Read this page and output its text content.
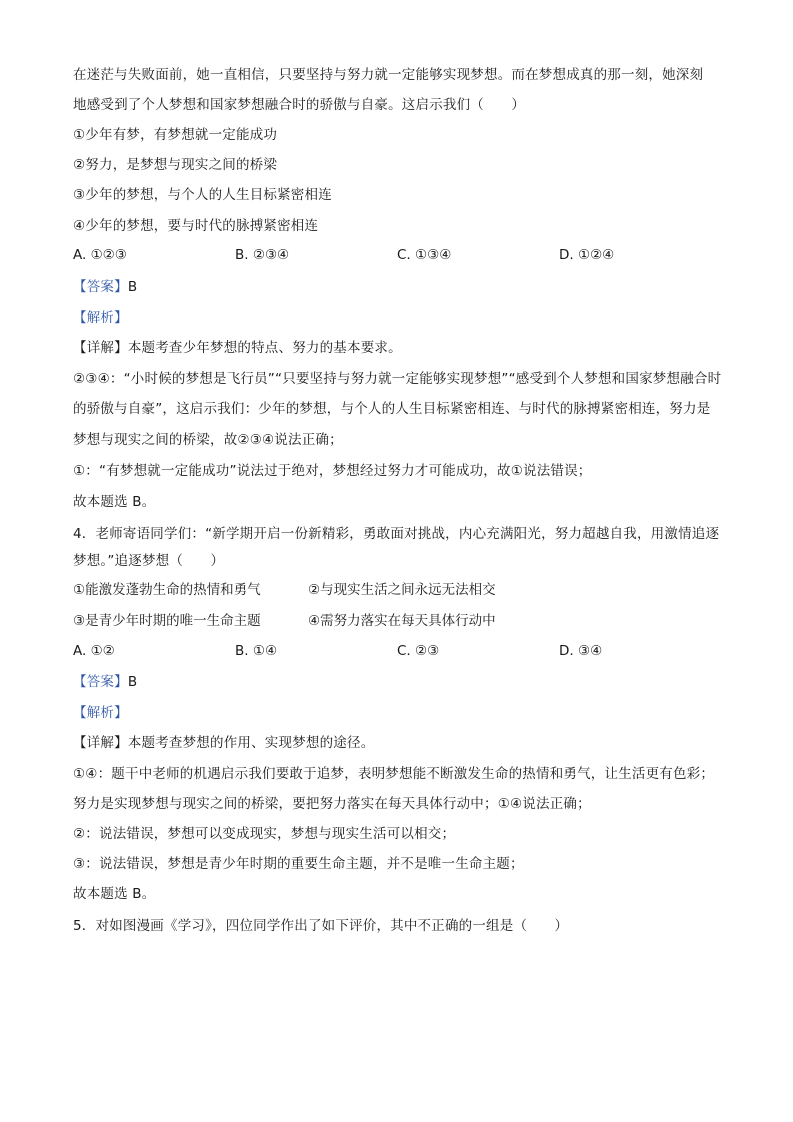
在迷茫与失败面前，她一直相信，只要坚持与努力就一定能够实现梦想。而在梦想成真的那一刻，她深刻
地感受到了个人梦想和国家梦想融合时的骄傲与自豪。这启示我们（　　）
①少年有梦，有梦想就一定能成功
②努力，是梦想与现实之间的桥梁
③少年的梦想，与个人的人生目标紧密相连
④少年的梦想，要与时代的脉搏紧密相连
A. ①②③	B. ②③④	C. ①③④	D. ①②④
【答案】B
【解析】
【详解】本题考查少年梦想的特点、努力的基本要求。
②③④：“小时候的梦想是飞行员”“只要坚持与努力就一定能够实现梦想”“感受到个人梦想和国家梦想融合时
的骄傲与自豪”，这启示我们：少年的梦想，与个人的人生目标紧密相连、与时代的脉搏紧密相连，努力是
梦想与现实之间的桥梁，故②③④说法正确；
①：“有梦想就一定能成功”说法过于绝对，梦想经过努力才可能成功，故①说法错误；
故本题选 B。
4．老师寄语同学们：“新学期开启一份新精彩，勇敢面对挑战，内心充满阳光，努力超越自我，用激情追逐
梦想。”追逐梦想（　　）
①能激发蓬勃生命的热情和勇气	②与现实生活之间永远无法相交
③是青少年时期的唯一生命主题	④需努力落实在每天具体行动中
A. ①②	B. ①④	C. ②③	D. ③④
【答案】B
【解析】
【详解】本题考查梦想的作用、实现梦想的途径。
①④：题干中老师的机遇启示我们要敢于追梦，表明梦想能不断激发生命的热情和勇气，让生活更有色彩；
努力是实现梦想与现实之间的桥梁，要把努力落实在每天具体行动中；①④说法正确；
②：说法错误，梦想可以变成现实，梦想与现实生活可以相交；
③：说法错误，梦想是青少年时期的重要生命主题，并不是唯一生命主题；
故本题选 B。
5．对如图漫画《学习》，四位同学作出了如下评价，其中不正确的一组是（　　）
